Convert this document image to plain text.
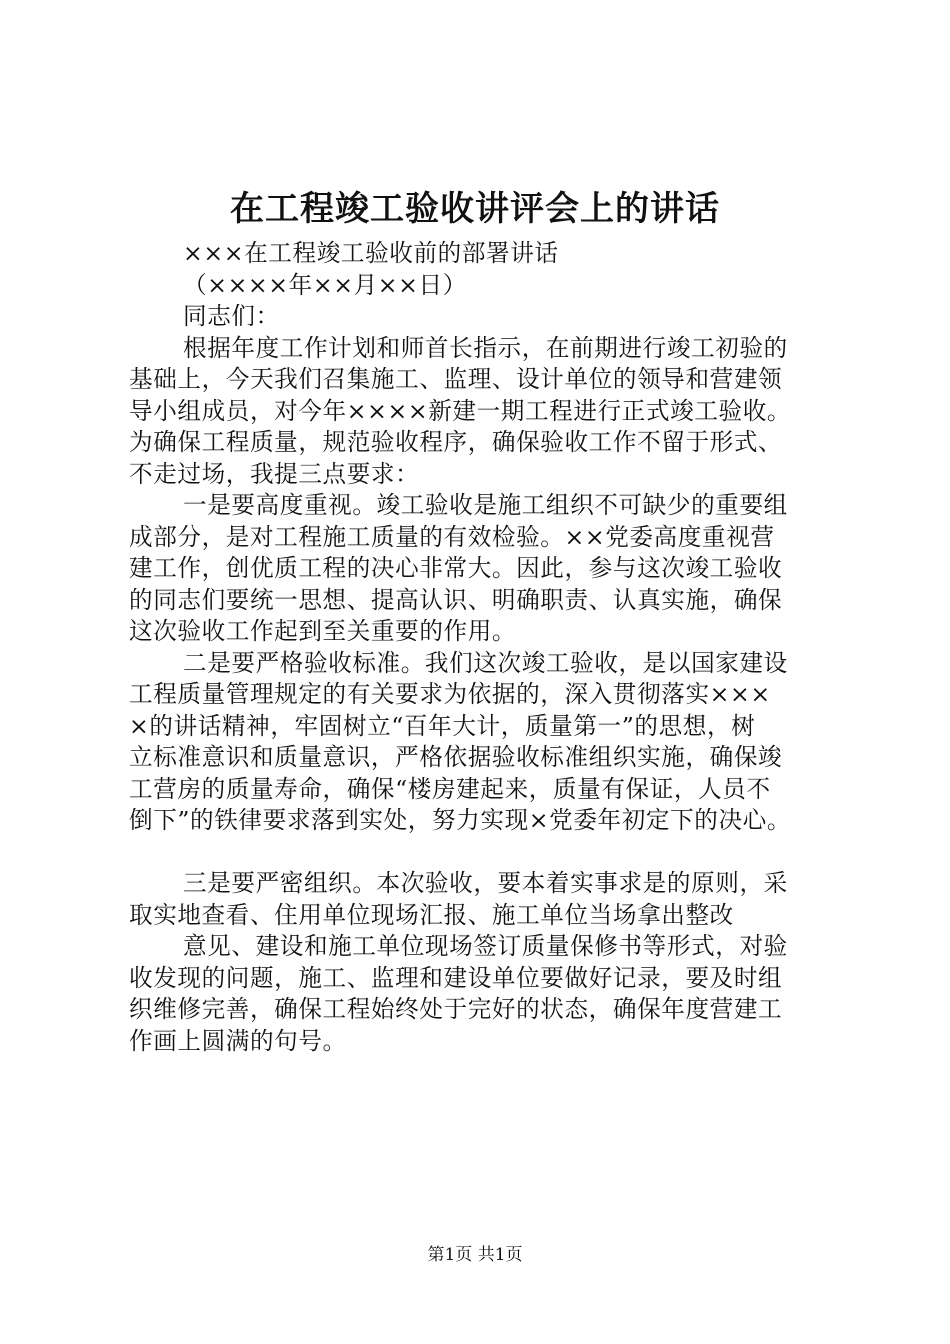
在工程竣工验收讲评会上的讲话
×××在工程竣工验收前的部署讲话
（××××年××月××日）
同志们：
根据年度工作计划和师首长指示，在前期进行竣工初验的
基础上，今天我们召集施工、监理、设计单位的领导和营建领
导小组成员，对今年××××新建一期工程进行正式竣工验收。
为确保工程质量，规范验收程序，确保验收工作不留于形式、
不走过场，我提三点要求：
一是要高度重视。竣工验收是施工组织不可缺少的重要组
成部分，是对工程施工质量的有效检验。××党委高度重视营
建工作，创优质工程的决心非常大。因此，参与这次竣工验收
的同志们要统一思想、提高认识、明确职责、认真实施，确保
这次验收工作起到至关重要的作用。
二是要严格验收标准。我们这次竣工验收，是以国家建设
工程质量管理规定的有关要求为依据的，深入贯彻落实×××
×的讲话精神，牢固树立“百年大计，质量第一”的思想，树
立标准意识和质量意识，严格依据验收标准组织实施，确保竣
工营房的质量寿命，确保“楼房建起来，质量有保证，人员不
倒下”的铁律要求落到实处，努力实现×党委年初定下的决心。
三是要严密组织。本次验收，要本着实事求是的原则，采
取实地查看、住用单位现场汇报、施工单位当场拿出整改
意见、建设和施工单位现场签订质量保修书等形式，对验
收发现的问题，施工、监理和建设单位要做好记录，要及时组
织维修完善，确保工程始终处于完好的状态，确保年度营建工
作画上圆满的句号。
第1页 共1页
